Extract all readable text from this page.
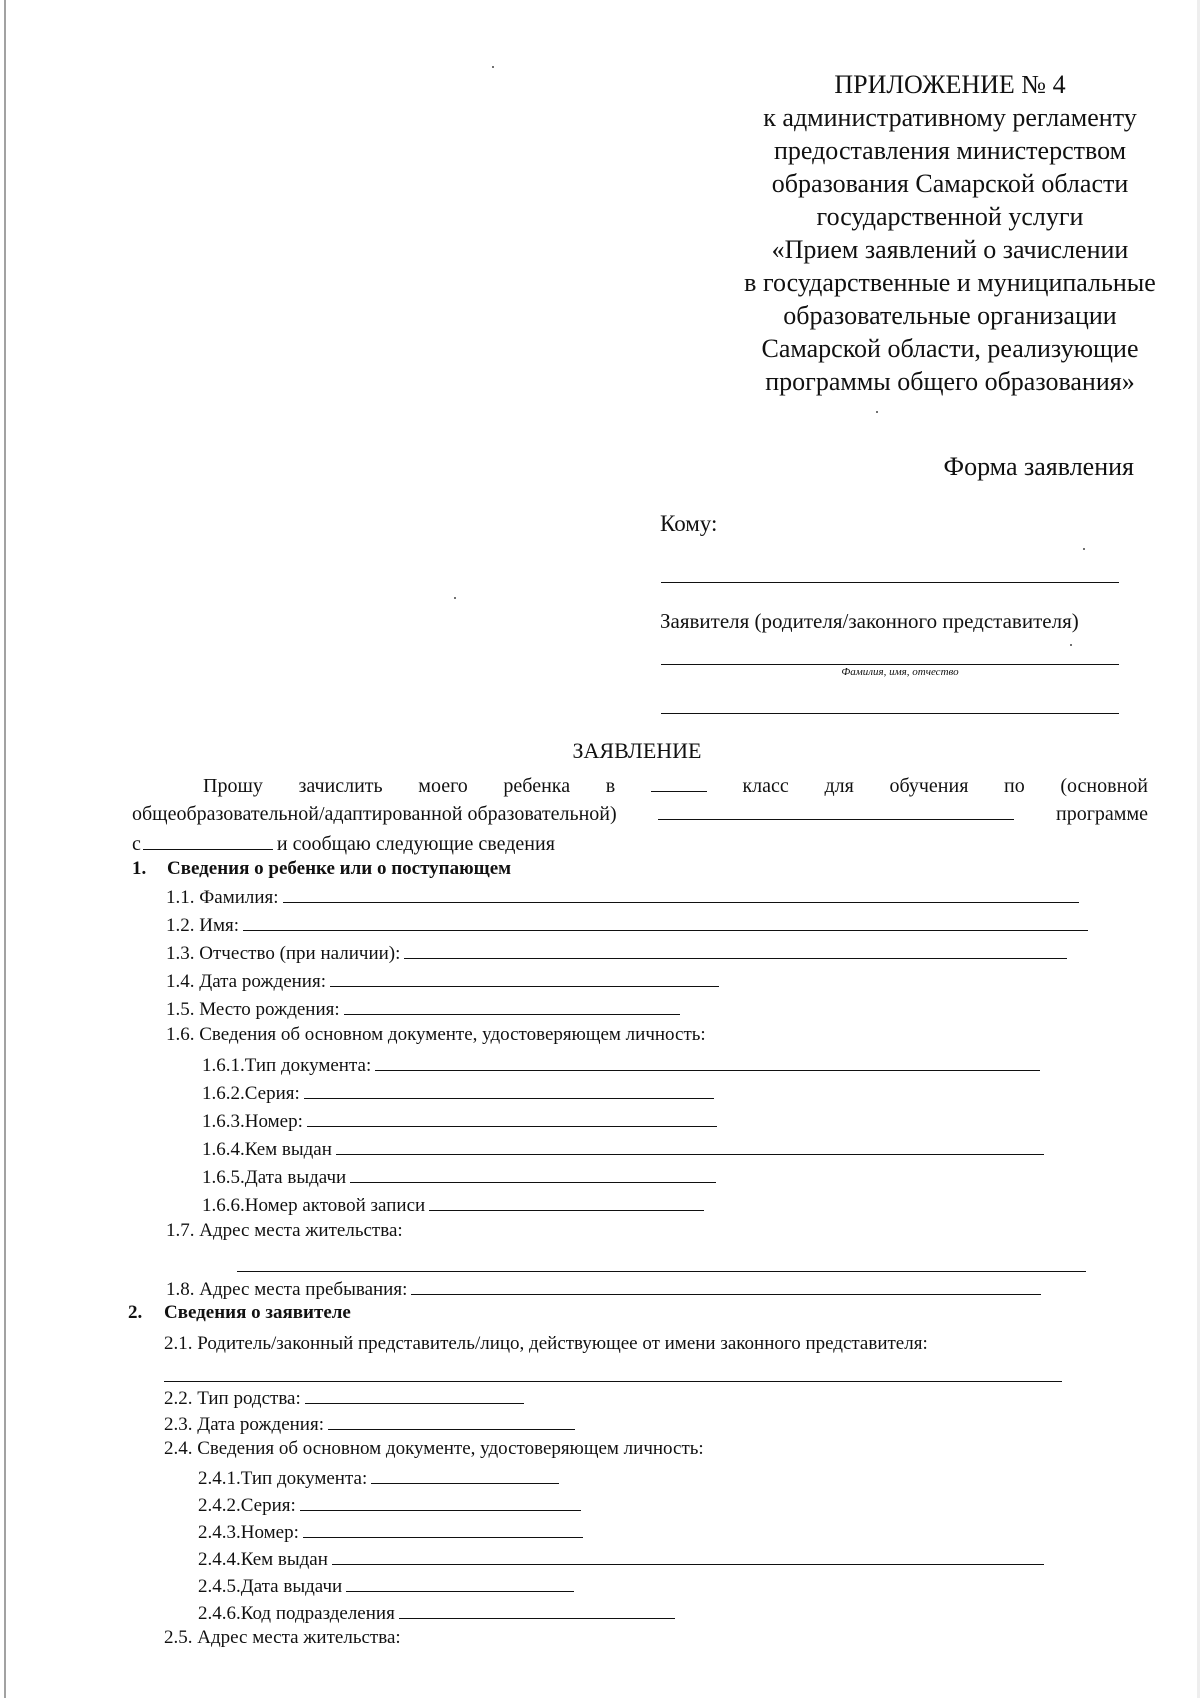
ПРИЛОЖЕНИЕ № 4
к административному регламенту
предоставления министерством
образования Самарской области
государственной услуги
«Прием заявлений о зачислении
в государственные и муниципальные
образовательные организации
Самарской области, реализующие
программы общего образования»
Форма заявления
Кому:
Заявителя (родителя/законного представителя)
Фамилия, имя, отчество
ЗАЯВЛЕНИЕ
Прошу зачислить моего ребенка в	класс для обучения по (основной
общеобразовательной/адаптированной образовательной)	программе
с	и сообщаю следующие сведения
1.	Сведения о ребенке или о поступающем
1.1. Фамилия:
1.2. Имя:
1.3. Отчество (при наличии):
1.4. Дата рождения:
1.5. Место рождения:
1.6. Сведения об основном документе, удостоверяющем личность:
1.6.1.Тип документа:
1.6.2.Серия:
1.6.3.Номер:
1.6.4.Кем выдан
1.6.5.Дата выдачи
1.6.6.Номер актовой записи
1.7. Адрес места жительства:
1.8. Адрес места пребывания:
2.	Сведения о заявителе
2.1. Родитель/законный представитель/лицо, действующее от имени законного представителя:
2.2. Тип родства:
2.3. Дата рождения:
2.4. Сведения об основном документе, удостоверяющем личность:
2.4.1.Тип документа:
2.4.2.Серия:
2.4.3.Номер:
2.4.4.Кем выдан
2.4.5.Дата выдачи
2.4.6.Код подразделения
2.5. Адрес места жительства:
